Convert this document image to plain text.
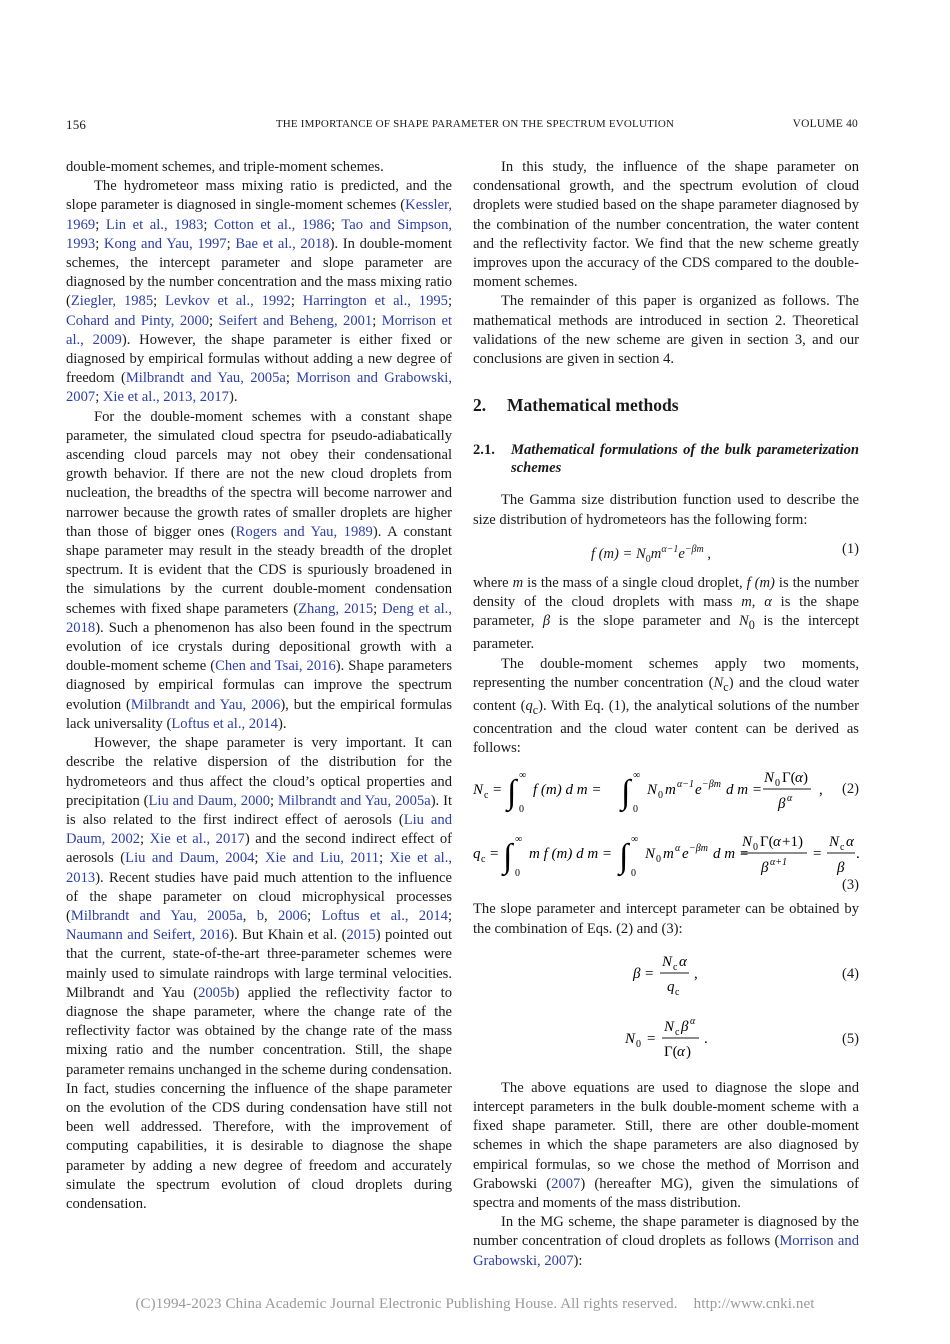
156	THE IMPORTANCE OF SHAPE PARAMETER ON THE SPECTRUM EVOLUTION	VOLUME 40

double-moment schemes, and triple-moment schemes.

The hydrometeor mass mixing ratio is predicted, and the slope parameter is diagnosed in single-moment schemes (Kessler, 1969; Lin et al., 1983; Cotton et al., 1986; Tao and Simpson, 1993; Kong and Yau, 1997; Bae et al., 2018). In double-moment schemes, the intercept parameter and slope parameter are diagnosed by the number concentration and the mass mixing ratio (Ziegler, 1985; Levkov et al., 1992; Harrington et al., 1995; Cohard and Pinty, 2000; Seifert and Beheng, 2001; Morrison et al., 2009). However, the shape parameter is either fixed or diagnosed by empirical formulas without adding a new degree of freedom (Milbrandt and Yau, 2005a; Morrison and Grabowski, 2007; Xie et al., 2013, 2017).

For the double-moment schemes with a constant shape parameter, the simulated cloud spectra for pseudo-adiabatically ascending cloud parcels may not obey their condensational growth behavior. If there are not the new cloud droplets from nucleation, the breadths of the spectra will become narrower and narrower because the growth rates of smaller droplets are higher than those of bigger ones (Rogers and Yau, 1989). A constant shape parameter may result in the steady breadth of the droplet spectrum. It is evident that the CDS is spuriously broadened in the simulations by the current double-moment condensation schemes with fixed shape parameters (Zhang, 2015; Deng et al., 2018). Such a phenomenon has also been found in the spectrum evolution of ice crystals during depositional growth with a double-moment scheme (Chen and Tsai, 2016). Shape parameters diagnosed by empirical formulas can improve the spectrum evolution (Milbrandt and Yau, 2006), but the empirical formulas lack universality (Loftus et al., 2014).

However, the shape parameter is very important. It can describe the relative dispersion of the distribution for the hydrometeors and thus affect the cloud’s optical properties and precipitation (Liu and Daum, 2000; Milbrandt and Yau, 2005a). It is also related to the first indirect effect of aerosols (Liu and Daum, 2002; Xie et al., 2017) and the second indirect effect of aerosols (Liu and Daum, 2004; Xie and Liu, 2011; Xie et al., 2013). Recent studies have paid much attention to the influence of the shape parameter on cloud microphysical processes (Milbrandt and Yau, 2005a, b, 2006; Loftus et al., 2014; Naumann and Seifert, 2016). But Khain et al. (2015) pointed out that the current, state-of-the-art three-parameter schemes were mainly used to simulate raindrops with large terminal velocities. Milbrandt and Yau (2005b) applied the reflectivity factor to diagnose the shape parameter, where the change rate of the reflectivity factor was obtained by the change rate of the mass mixing ratio and the number concentration. Still, the shape parameter remains unchanged in the scheme during condensation. In fact, studies concerning the influence of the shape parameter on the evolution of the CDS during condensation have still not been well addressed. Therefore, with the improvement of computing capabilities, it is desirable to diagnose the shape parameter by adding a new degree of freedom and accurately simulate the spectrum evolution of cloud droplets during condensation.

In this study, the influence of the shape parameter on condensational growth, and the spectrum evolution of cloud droplets were studied based on the shape parameter diagnosed by the combination of the number concentration, the water content and the reflectivity factor. We find that the new scheme greatly improves upon the accuracy of the CDS compared to the double-moment schemes.

The remainder of this paper is organized as follows. The mathematical methods are introduced in section 2. Theoretical validations of the new scheme are given in section 3, and our conclusions are given in section 4.

2. Mathematical methods
2.1.	Mathematical formulations of the bulk parameterization schemes

The Gamma size distribution function used to describe the size distribution of hydrometeors has the following form:

f $(m) = N_0m^{\alpha-1}e^{-\beta m}$ ,	(1)

where m is the mass of a single cloud droplet, f (m) is the number density of the cloud droplets with mass m, α is the shape parameter, β is the slope parameter and $N_0$ is the intercept parameter.

The double-moment schemes apply two moments, representing the number concentration $(N_c)$ and the cloud water content $(q_c)$. With Eq. (1), the analytical solutions of the number concentration and the cloud water content can be derived as follows:

N c = ∫ ∞
0
f (m) d m = ∫ ∞
0
N 0 m α−1 e −βm d m =
N 0 Γ( α )
β α
, (2)
q c = ∫ ∞
0
m f (m) d m = ∫ ∞
0
N 0 m α e −βm d m =
N 0 Γ( α +1)
β α+1
=
N c α
β
.
(3)

The slope parameter and intercept parameter can be obtained by the combination of Eqs. (2) and (3):

β =
N c α
q c
,	(4)
N 0 =
N c β α
Γ( α )
.	(5)

The above equations are used to diagnose the slope and intercept parameters in the bulk double-moment scheme with a fixed shape parameter. Still, there are other double-moment schemes in which the shape parameters are also diagnosed by empirical formulas, so we chose the method of Morrison and Grabowski (2007) (hereafter MG), given the simulations of spectra and moments of the mass distribution.

In the MG scheme, the shape parameter is diagnosed by the number concentration of cloud droplets as follows (Morrison and Grabowski, 2007):

(C)1994-2023 China Academic Journal Electronic Publishing House. All rights reserved. http://www.cnki.net
